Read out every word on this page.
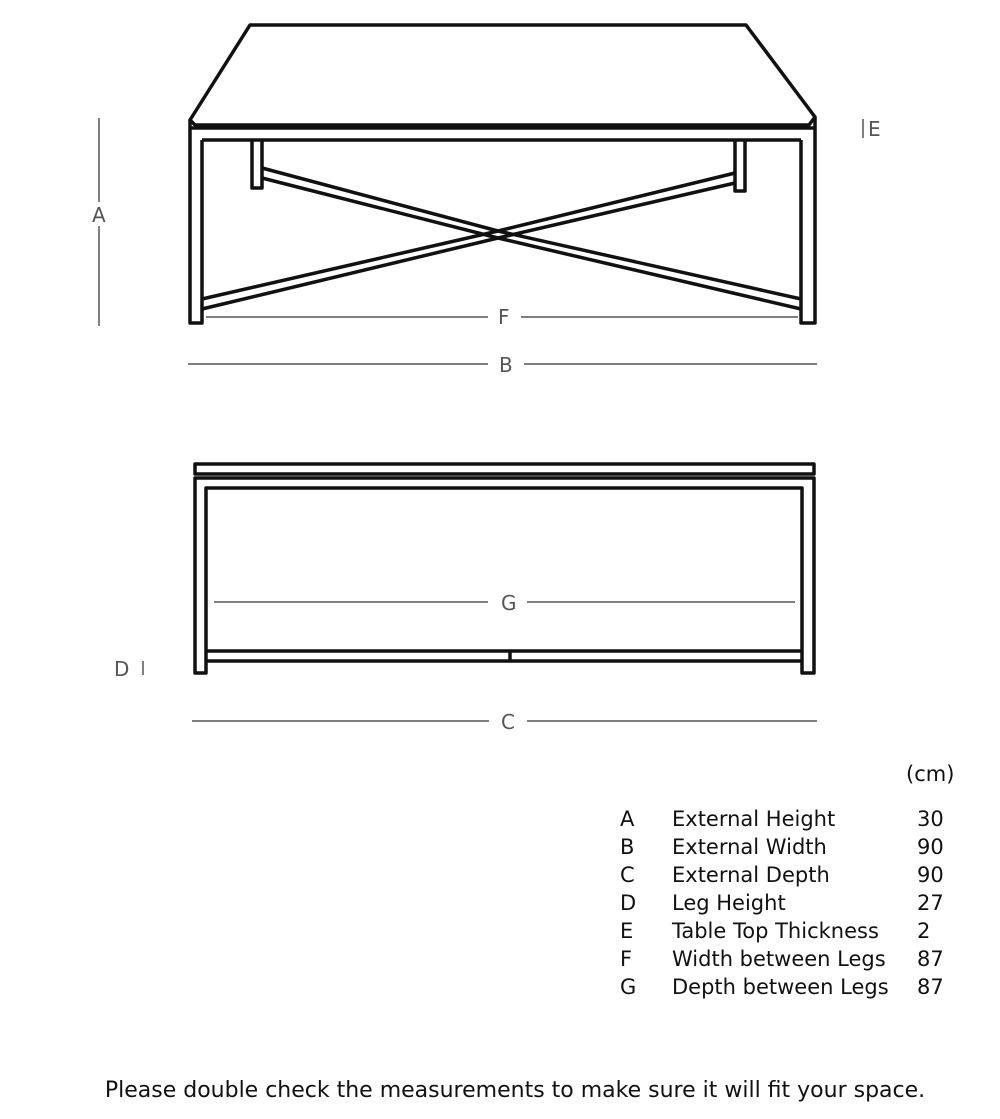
A
E
F
B
G
D
C
(cm)
A	External Height	30
B	External Width	90
C	External Depth	90
D	Leg Height	27
E	Table Top Thickness	2
F	Width between Legs	87
G	Depth between Legs	87
Please double check the measurements to make sure it will fit your space.
